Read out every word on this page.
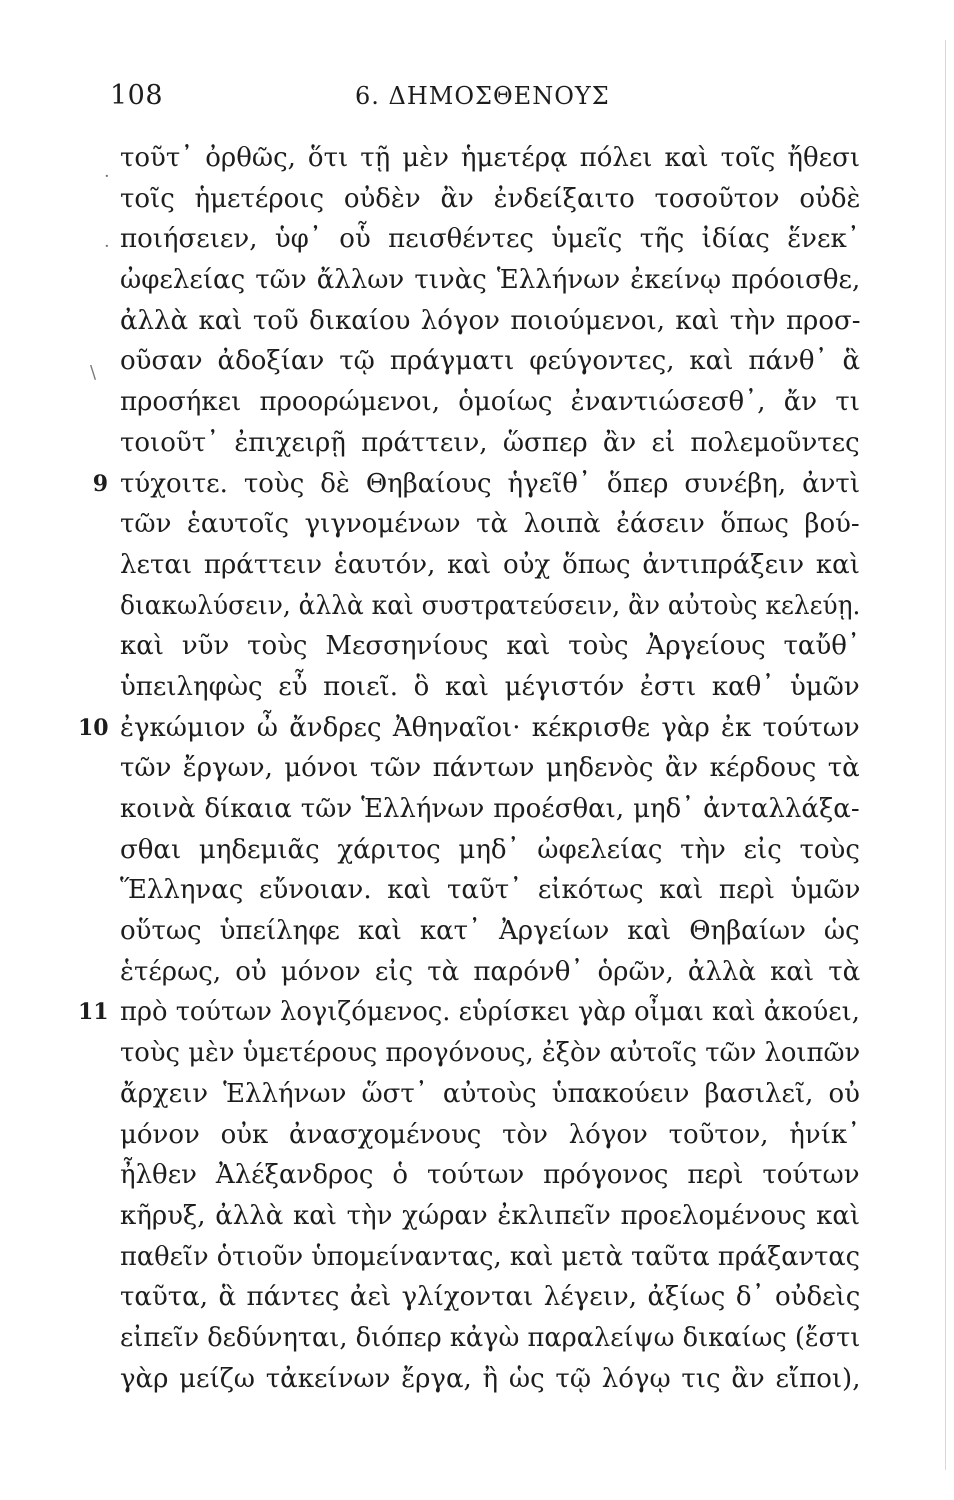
108	6. ΔΗΜΟΣΘΕΝΟΥΣ
τοῦτ᾽ ὀρθῶς, ὅτι τῇ μὲν ἡμετέρᾳ πόλει καὶ τοῖς ἤθεσι
τοῖς ἡμετέροις οὐδὲν ἂν ἐνδείξαιτο τοσοῦτον οὐδὲ
ποιήσειεν, ὑφ᾽ οὗ πεισθέντες ὑμεῖς τῆς ἰδίας ἕνεκ᾽
ὠφελείας τῶν ἄλλων τινὰς Ἑλλήνων ἐκείνῳ πρόοισθε,
ἀλλὰ καὶ τοῦ δικαίου λόγον ποιούμενοι, καὶ τὴν προσ-
οῦσαν ἀδοξίαν τῷ πράγματι φεύγοντες, καὶ πάνθ᾽ ἃ
προσήκει προορώμενοι, ὁμοίως ἐναντιώσεσθ᾽, ἄν τι
τοιοῦτ᾽ ἐπιχειρῇ πράττειν, ὥσπερ ἂν εἰ πολεμοῦντες
9 τύχοιτε. τοὺς δὲ Θηβαίους ἡγεῖθ᾽ ὅπερ συνέβη, ἀντὶ
τῶν ἑαυτοῖς γιγνομένων τὰ λοιπὰ ἐάσειν ὅπως βού-
λεται πράττειν ἑαυτόν, καὶ οὐχ ὅπως ἀντιπράξειν καὶ
διακωλύσειν, ἀλλὰ καὶ συστρατεύσειν, ἂν αὐτοὺς κελεύῃ.
καὶ νῦν τοὺς Μεσσηνίους καὶ τοὺς Ἀργείους ταὔθ᾽
ὑπειληφὼς εὖ ποιεῖ. ὃ καὶ μέγιστόν ἐστι καθ᾽ ὑμῶν
10 ἐγκώμιον ὦ ἄνδρες Ἀθηναῖοι· κέκρισθε γὰρ ἐκ τούτων
τῶν ἔργων, μόνοι τῶν πάντων μηδενὸς ἂν κέρδους τὰ
κοινὰ δίκαια τῶν Ἑλλήνων προέσθαι, μηδ᾽ ἀνταλλάξα-
σθαι μηδεμιᾶς χάριτος μηδ᾽ ὠφελείας τὴν εἰς τοὺς
Ἕλληνας εὔνοιαν. καὶ ταῦτ᾽ εἰκότως καὶ περὶ ὑμῶν
οὕτως ὑπείληφε καὶ κατ᾽ Ἀργείων καὶ Θηβαίων ὡς
ἑτέρως, οὐ μόνον εἰς τὰ παρόνθ᾽ ὁρῶν, ἀλλὰ καὶ τὰ
11 πρὸ τούτων λογιζόμενος. εὑρίσκει γὰρ οἶμαι καὶ ἀκούει,
τοὺς μὲν ὑμετέρους προγόνους, ἐξὸν αὐτοῖς τῶν λοιπῶν
ἄρχειν Ἑλλήνων ὥστ᾽ αὐτοὺς ὑπακούειν βασιλεῖ, οὐ
μόνον οὐκ ἀνασχομένους τὸν λόγον τοῦτον, ἡνίκ᾽
ἦλθεν Ἀλέξανδρος ὁ τούτων πρόγονος περὶ τούτων
κῆρυξ, ἀλλὰ καὶ τὴν χώραν ἐκλιπεῖν προελομένους καὶ
παθεῖν ὁτιοῦν ὑπομείναντας, καὶ μετὰ ταῦτα πράξαντας
ταῦτα, ἃ πάντες ἀεὶ γλίχονται λέγειν, ἀξίως δ᾽ οὐδεὶς
εἰπεῖν δεδύνηται, διόπερ κἀγὼ παραλείψω δικαίως (ἔστι
γὰρ μείζω τἀκείνων ἔργα, ἢ ὡς τῷ λόγῳ τις ἂν εἴποι),
·
·
\
